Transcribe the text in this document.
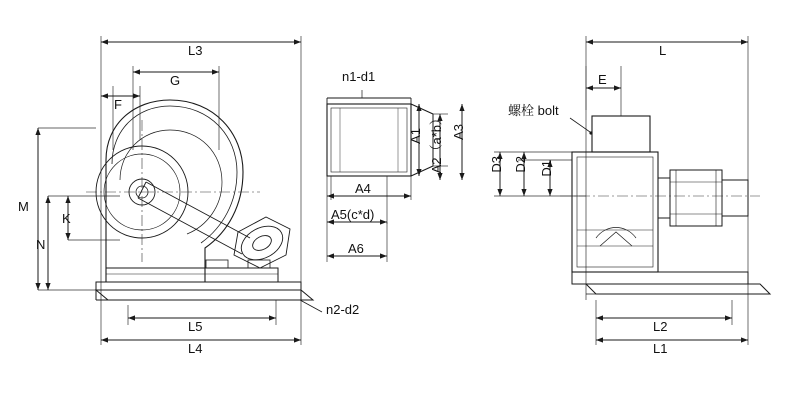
L3
G
F
M
K
N
L5
L4
n2-d2
n1-d1
A1 A2（a*b） A3
A4
A5(c*d)
A6
螺栓 bolt
L
E
D3 D2 D1
L2
L1
